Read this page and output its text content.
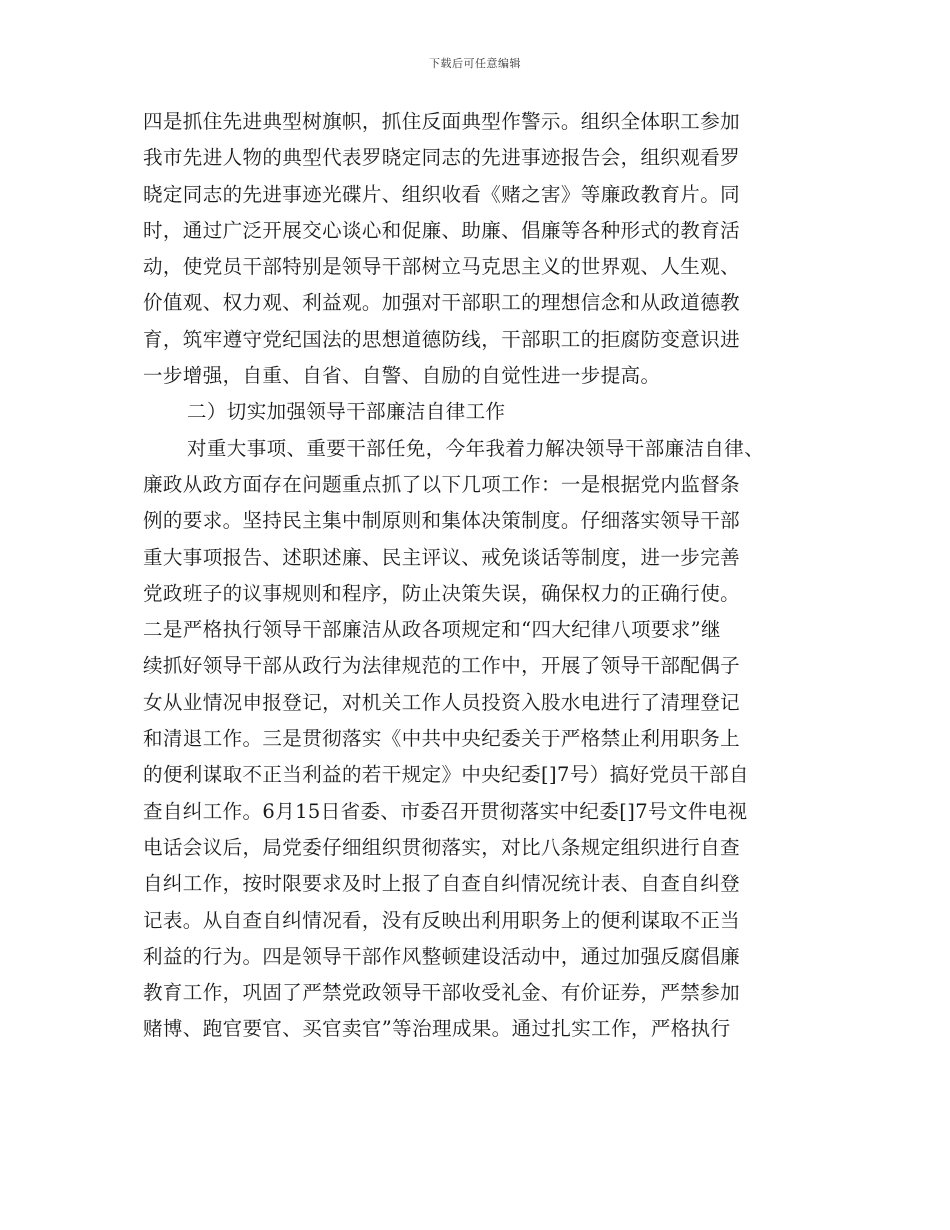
下载后可任意编辑
四是抓住先进典型树旗帜，抓住反面典型作警示。组织全体职工参加
我市先进人物的典型代表罗晓定同志的先进事迹报告会，组织观看罗
晓定同志的先进事迹光碟片、组织收看《赌之害》等廉政教育片。同
时，通过广泛开展交心谈心和促廉、助廉、倡廉等各种形式的教育活
动，使党员干部特别是领导干部树立马克思主义的世界观、人生观、
价值观、权力观、利益观。加强对干部职工的理想信念和从政道德教
育，筑牢遵守党纪国法的思想道德防线，干部职工的拒腐防变意识进
一步增强，自重、自省、自警、自励的自觉性进一步提高。
二）切实加强领导干部廉洁自律工作
对重大事项、重要干部任免，今年我着力解决领导干部廉洁自律、
廉政从政方面存在问题重点抓了以下几项工作：一是根据党内监督条
例的要求。坚持民主集中制原则和集体决策制度。仔细落实领导干部
重大事项报告、述职述廉、民主评议、戒免谈话等制度，进一步完善
党政班子的议事规则和程序，防止决策失误，确保权力的正确行使。
二是严格执行领导干部廉洁从政各项规定和“四大纪律八项要求”继
续抓好领导干部从政行为法律规范的工作中，开展了领导干部配偶子
女从业情况申报登记，对机关工作人员投资入股水电进行了清理登记
和清退工作。三是贯彻落实《中共中央纪委关于严格禁止利用职务上
的便利谋取不正当利益的若干规定》中央纪委[]7号）搞好党员干部自
查自纠工作。6月15日省委、市委召开贯彻落实中纪委[]7号文件电视
电话会议后，局党委仔细组织贯彻落实，对比八条规定组织进行自查
自纠工作，按时限要求及时上报了自查自纠情况统计表、自查自纠登
记表。从自查自纠情况看，没有反映出利用职务上的便利谋取不正当
利益的行为。四是领导干部作风整顿建设活动中，通过加强反腐倡廉
教育工作，巩固了严禁党政领导干部收受礼金、有价证券，严禁参加
赌博、跑官要官、买官卖官”等治理成果。通过扎实工作，严格执行
